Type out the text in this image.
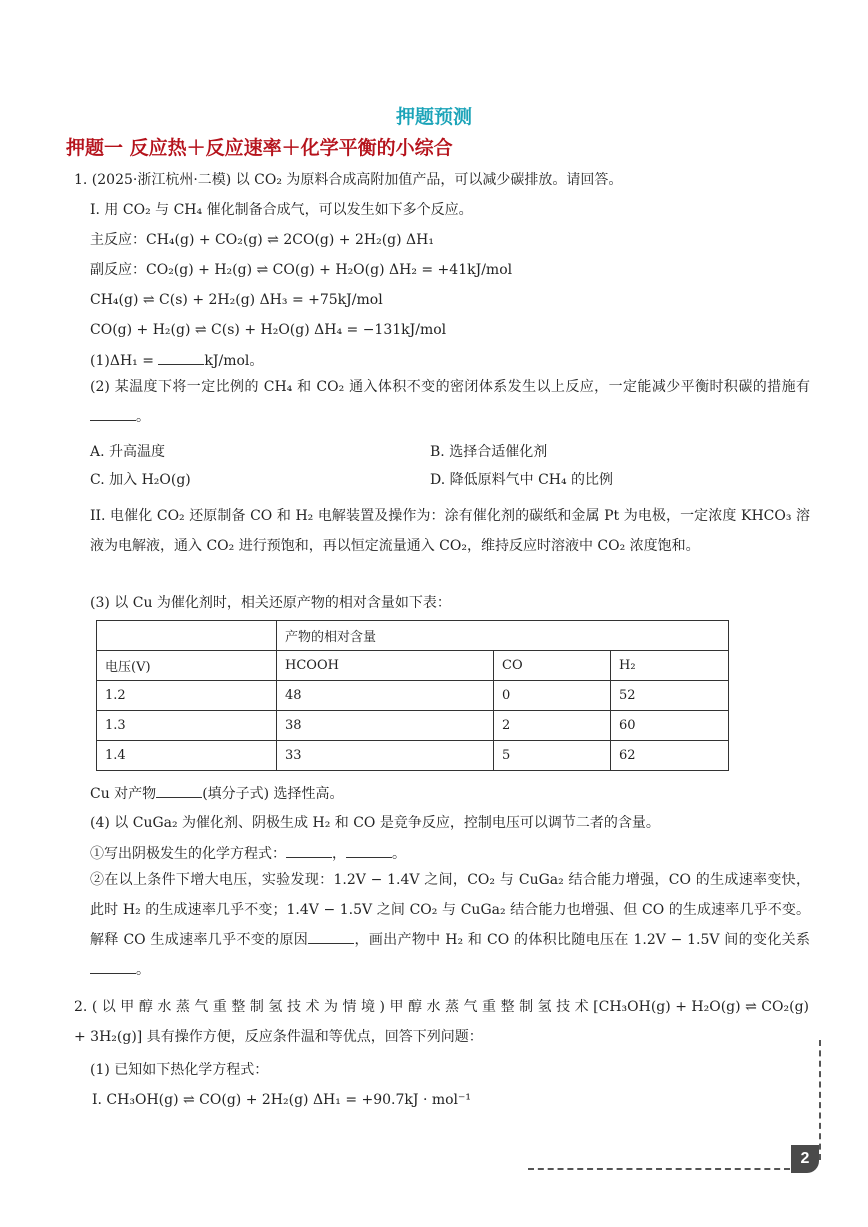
押题预测
押题一 反应热＋反应速率＋化学平衡的小综合
1. (2025·浙江杭州·二模) 以 CO₂ 为原料合成高附加值产品，可以减少碳排放。请回答。
I. 用 CO₂ 与 CH₄ 催化制备合成气，可以发生如下多个反应。
主反应：CH₄(g) + CO₂(g) ⇌ 2CO(g) + 2H₂(g) ΔH₁
副反应：CO₂(g) + H₂(g) ⇌ CO(g) + H₂O(g) ΔH₂ = +41kJ/mol
CH₄(g) ⇌ C(s) + 2H₂(g) ΔH₃ = +75kJ/mol
CO(g) + H₂(g) ⇌ C(s) + H₂O(g) ΔH₄ = −131kJ/mol
(1)ΔH₁ =	kJ/mol。
(2) 某温度下将一定比例的 CH₄ 和 CO₂ 通入体积不变的密闭体系发生以上反应，一定能减少平衡时积碳的措施有。
A. 升高温度	B. 选择合适催化剂
C. 加入 H₂O(g)	D. 降低原料气中 CH₄ 的比例
II. 电催化 CO₂ 还原制备 CO 和 H₂ 电解装置及操作为：涂有催化剂的碳纸和金属 Pt 为电极，一定浓度 KHCO₃ 溶液为电解液，通入 CO₂ 进行预饱和，再以恒定流量通入 CO₂，维持反应时溶液中 CO₂ 浓度饱和。
(3) 以 Cu 为催化剂时，相关还原产物的相对含量如下表：
	产物的相对含量		
电压(V)	HCOOH	CO	H₂
1.2	48	0	52
1.3	38	2	60
1.4	33	5	62
Cu 对产物	(填分子式) 选择性高。
(4) 以 CuGa₂ 为催化剂、阴极生成 H₂ 和 CO 是竞争反应，控制电压可以调节二者的含量。
①写出阴极发生的化学方程式：	，	。
②在以上条件下增大电压，实验发现：1.2V − 1.4V 之间，CO₂ 与 CuGa₂ 结合能力增强，CO 的生成速率变快，此时 H₂ 的生成速率几乎不变；1.4V − 1.5V 之间 CO₂ 与 CuGa₂ 结合能力也增强、但 CO 的生成速率几乎不变。解释 CO 生成速率几乎不变的原因	，画出产物中 H₂ 和 CO 的体积比随电压在 1.2V − 1.5V 间的变化关系。
2. ( 以 甲 醇 水 蒸 气 重 整 制 氢 技 术 为 情 境 ) 甲 醇 水 蒸 气 重 整 制 氢 技 术 [CH₃OH(g) + H₂O(g) ⇌ CO₂(g) + 3H₂(g)] 具有操作方便，反应条件温和等优点，回答下列问题：
(1) 已知如下热化学方程式：
Ⅰ. CH₃OH(g) ⇌ CO(g) + 2H₂(g) ΔH₁ = +90.7kJ · mol⁻¹
2
